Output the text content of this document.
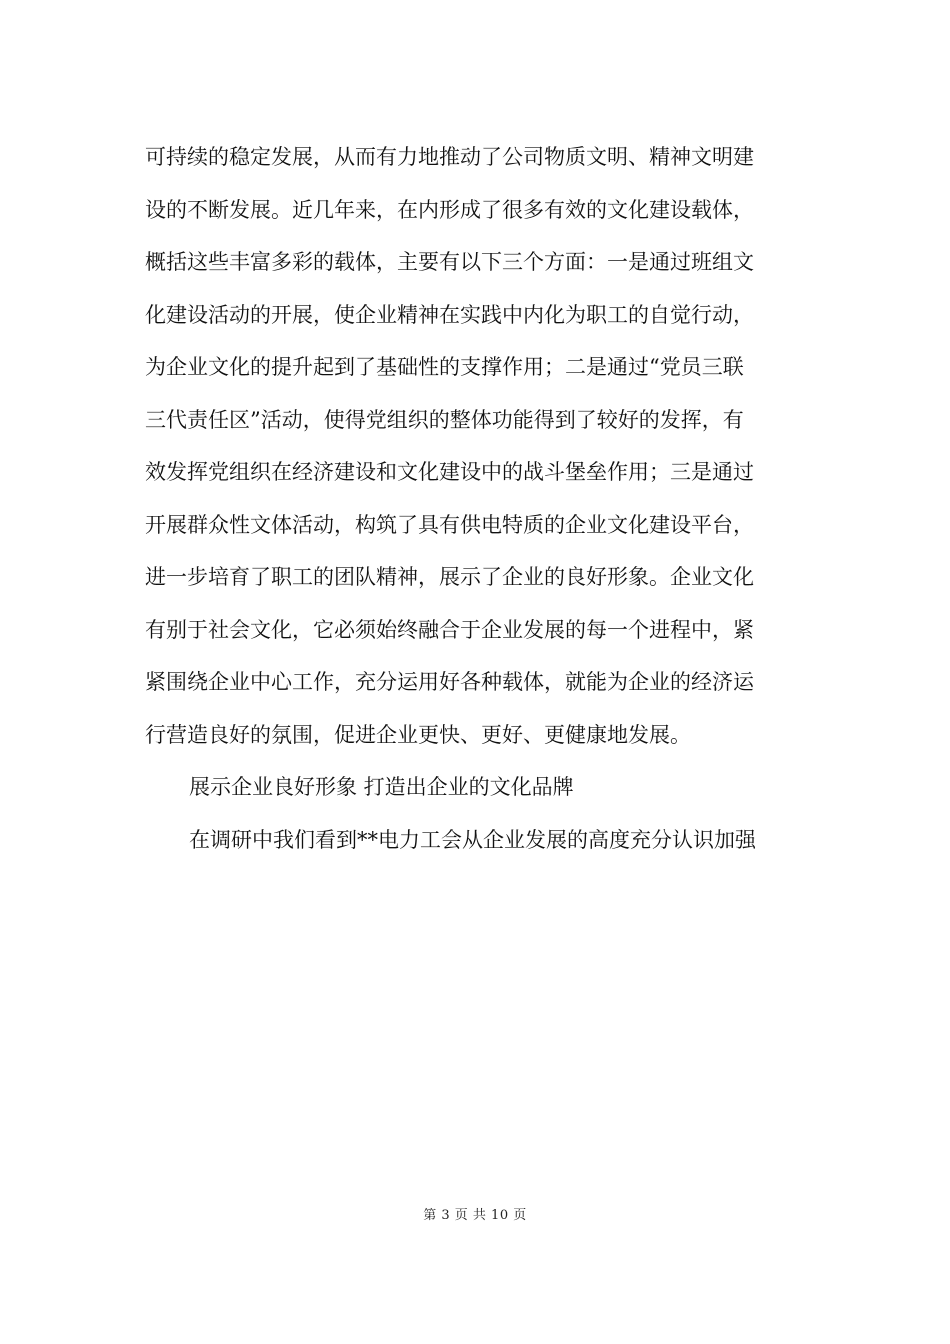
可持续的稳定发展，从而有力地推动了公司物质文明、精神文明建
设的不断发展。近几年来，在内形成了很多有效的文化建设载体，
概括这些丰富多彩的载体，主要有以下三个方面：一是通过班组文
化建设活动的开展，使企业精神在实践中内化为职工的自觉行动，
为企业文化的提升起到了基础性的支撑作用；二是通过“党员三联
三代责任区”活动，使得党组织的整体功能得到了较好的发挥，有
效发挥党组织在经济建设和文化建设中的战斗堡垒作用；三是通过
开展群众性文体活动，构筑了具有供电特质的企业文化建设平台，
进一步培育了职工的团队精神，展示了企业的良好形象。企业文化
有别于社会文化，它必须始终融合于企业发展的每一个进程中，紧
紧围绕企业中心工作，充分运用好各种载体，就能为企业的经济运
行营造良好的氛围，促进企业更快、更好、更健康地发展。
展示企业良好形象 打造出企业的文化品牌
在调研中我们看到**电力工会从企业发展的高度充分认识加强
第 3 页 共 10 页
